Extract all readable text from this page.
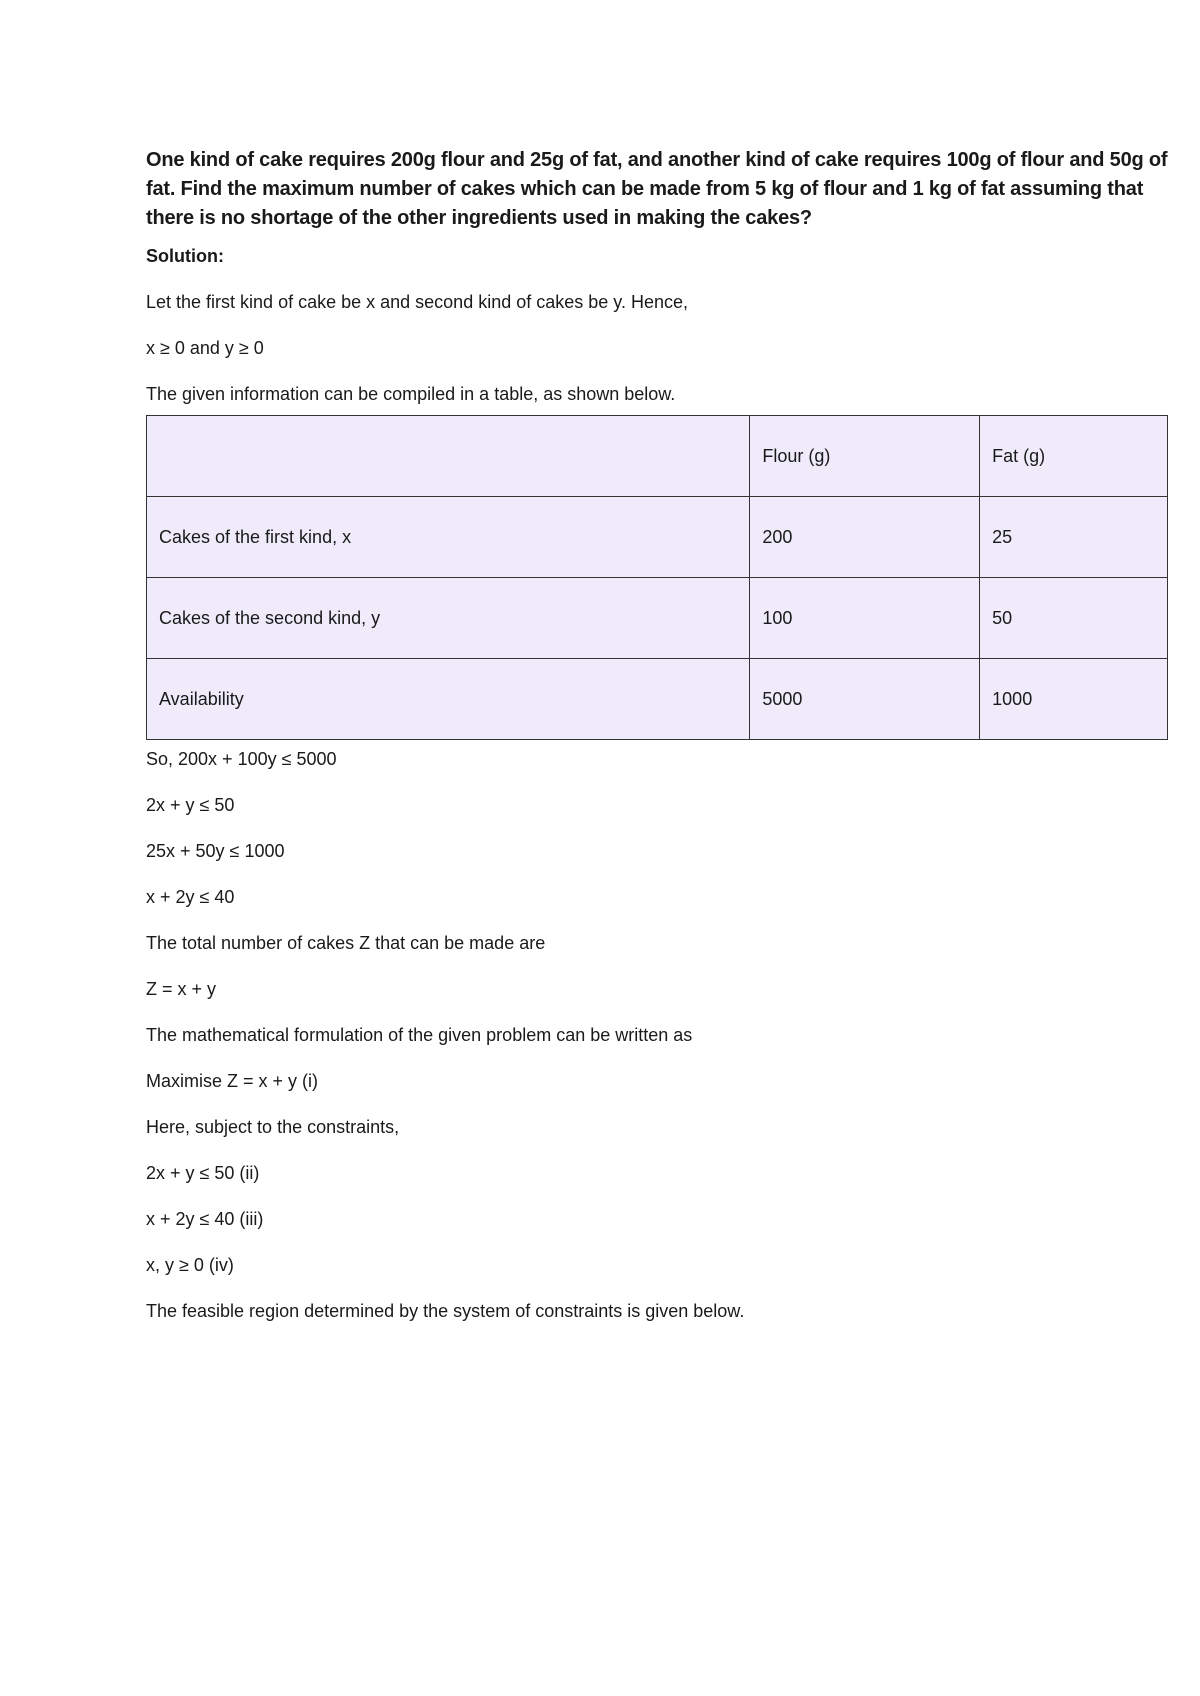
One kind of cake requires 200g flour and 25g of fat, and another kind of cake requires 100g of flour and 50g of fat. Find the maximum number of cakes which can be made from 5 kg of flour and 1 kg of fat assuming that there is no shortage of the other ingredients used in making the cakes?

Solution:

Let the first kind of cake be x and second kind of cakes be y. Hence,

x ≥ 0 and y ≥ 0

The given information can be compiled in a table, as shown below.

	Flour (g)	Fat (g)
Cakes of the first kind, x	200	25
Cakes of the second kind, y	100	50
Availability	5000	1000

So, 200x + 100y ≤ 5000

2x + y ≤ 50

25x + 50y ≤ 1000

x + 2y ≤ 40

The total number of cakes Z that can be made are

Z = x + y

The mathematical formulation of the given problem can be written as

Maximise Z = x + y (i)

Here, subject to the constraints,

2x + y ≤ 50 (ii)

x + 2y ≤ 40 (iii)

x, y ≥ 0 (iv)

The feasible region determined by the system of constraints is given below.
